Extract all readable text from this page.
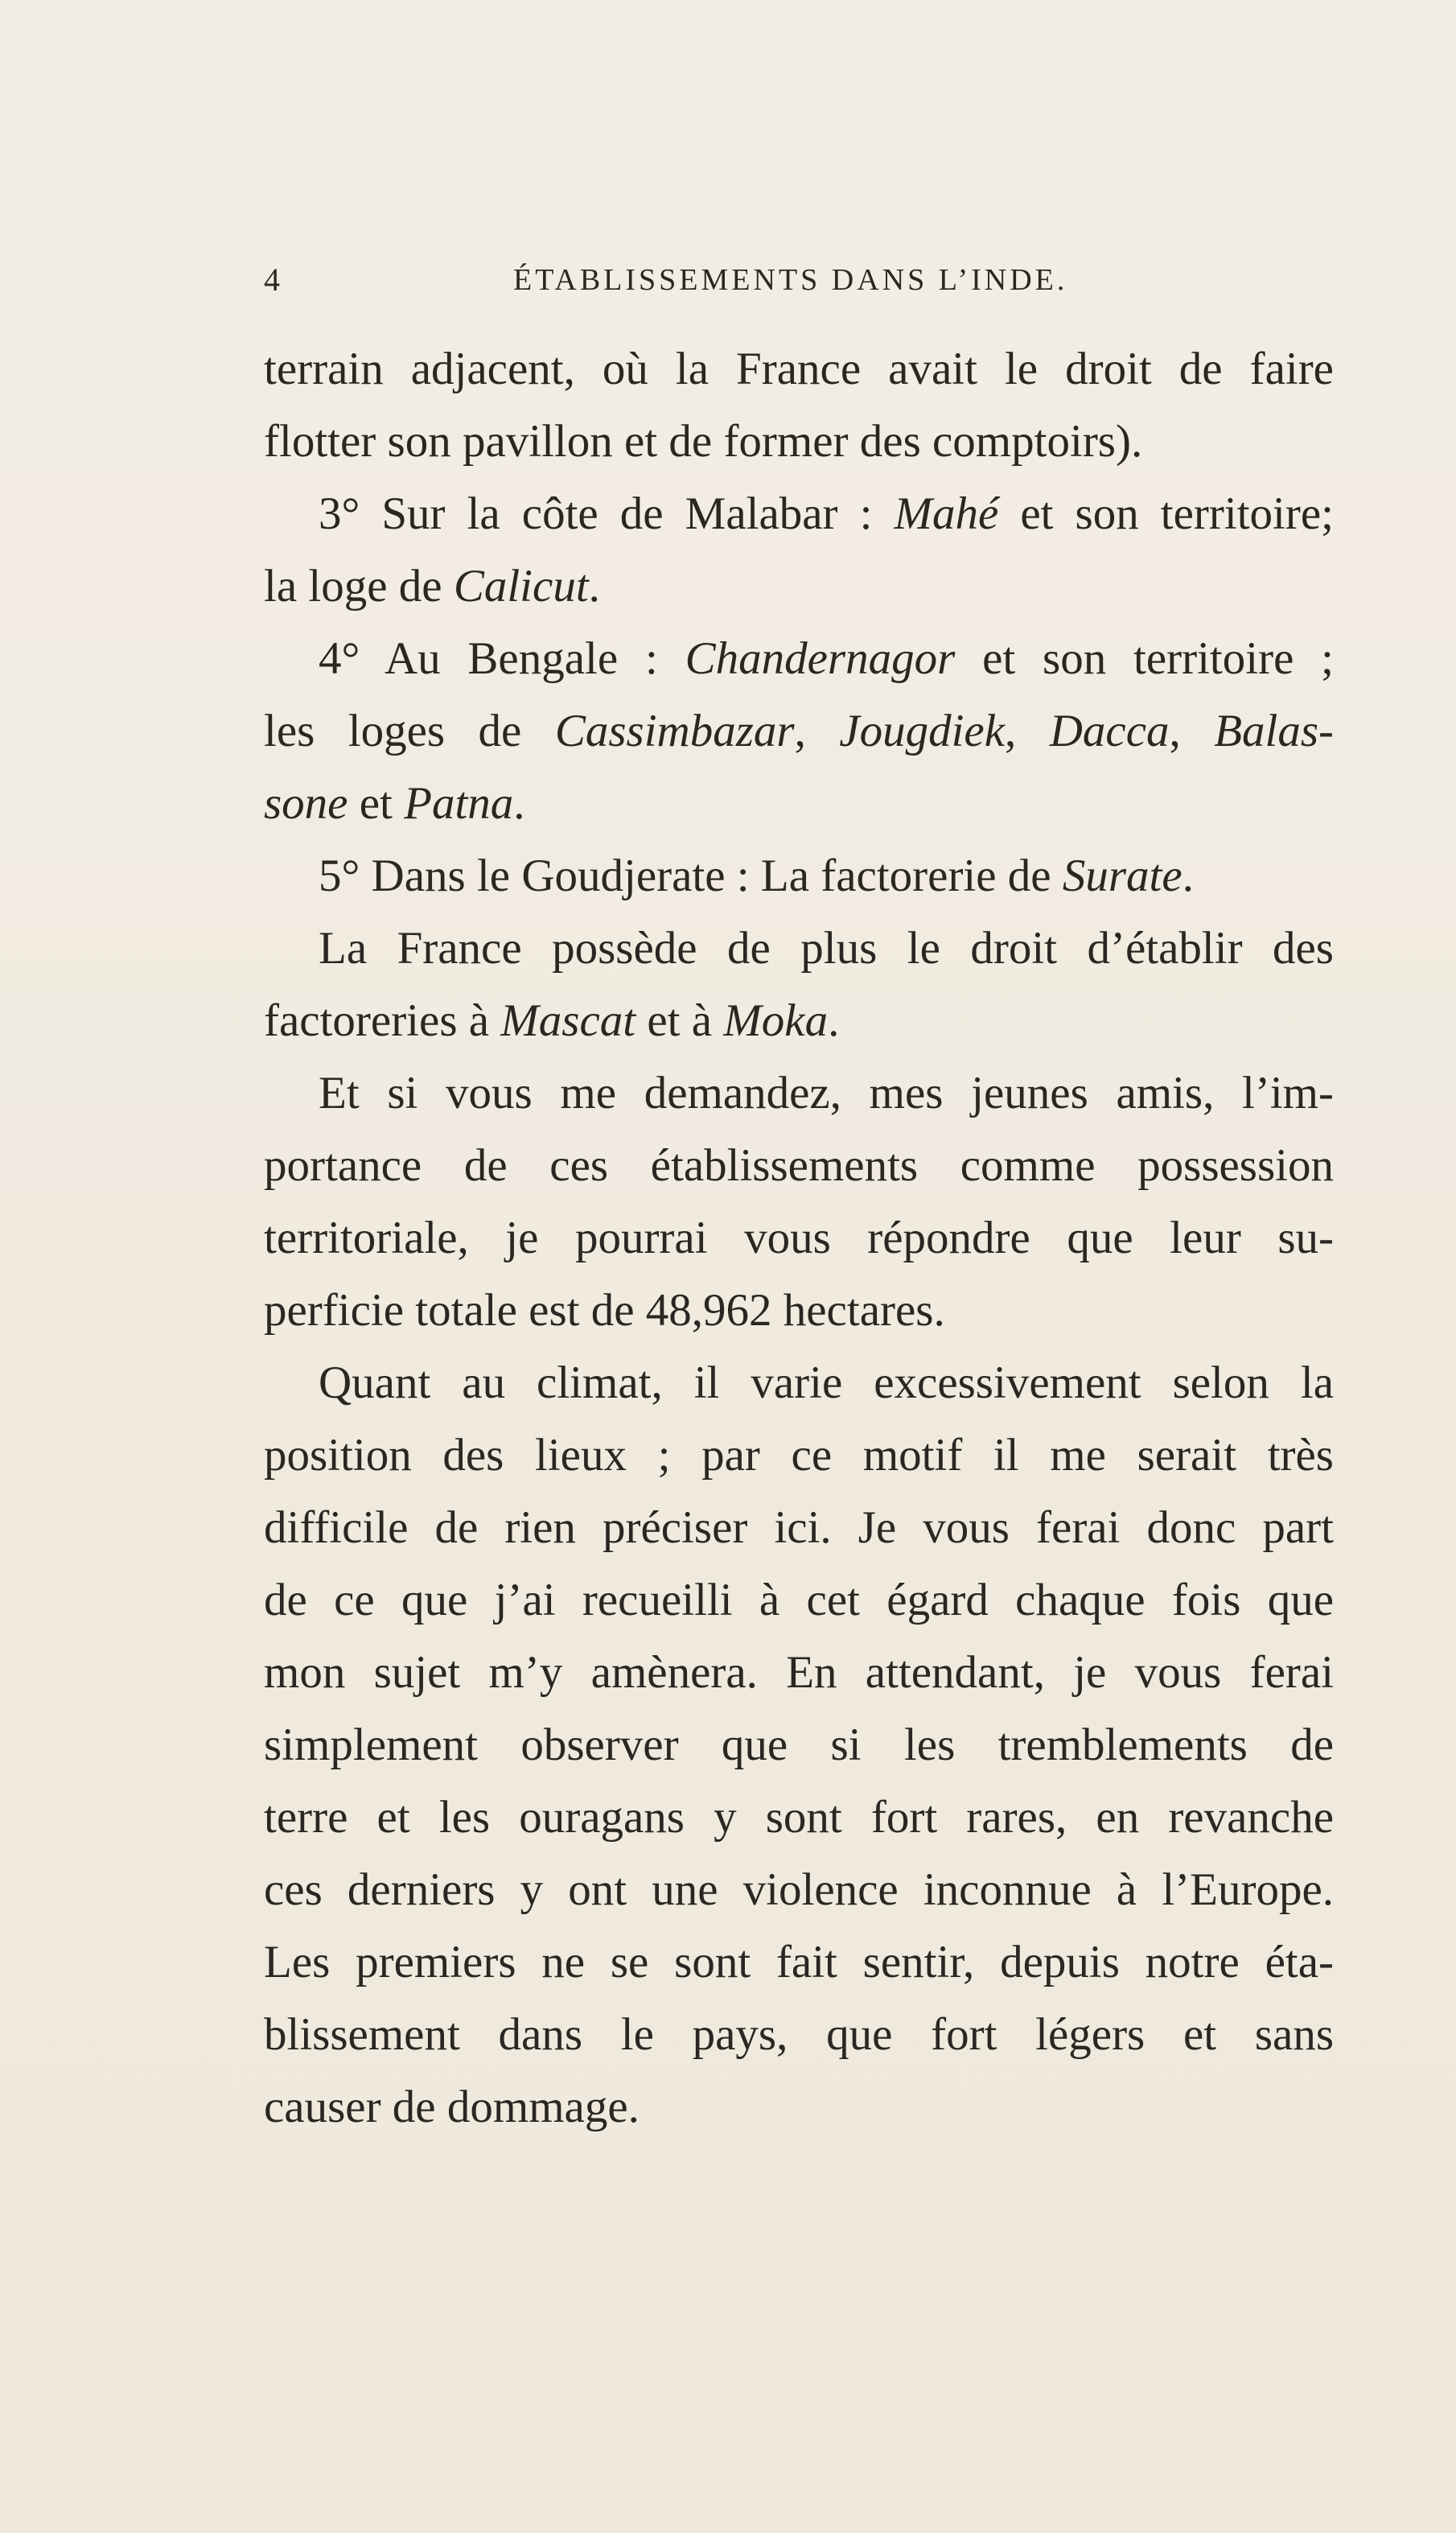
4	ÉTABLISSEMENTS DANS L’INDE.
terrain adjacent, où la France avait le droit de faire
flotter son pavillon et de former des comptoirs).
3° Sur la côte de Malabar : Mahé et son territoire;
la loge de Calicut.
4° Au Bengale : Chandernagor et son territoire ;
les loges de Cassimbazar, Jougdiek, Dacca, Balas-
sone et Patna.
5° Dans le Goudjerate : La factorerie de Surate.
La France possède de plus le droit d’établir des
factoreries à Mascat et à Moka.
Et si vous me demandez, mes jeunes amis, l’im-
portance de ces établissements comme possession
territoriale, je pourrai vous répondre que leur su-
perficie totale est de 48,962 hectares.
Quant au climat, il varie excessivement selon la
position des lieux ; par ce motif il me serait très
difficile de rien préciser ici. Je vous ferai donc part
de ce que j’ai recueilli à cet égard chaque fois que
mon sujet m’y amènera. En attendant, je vous ferai
simplement observer que si les tremblements de
terre et les ouragans y sont fort rares, en revanche
ces derniers y ont une violence inconnue à l’Europe.
Les premiers ne se sont fait sentir, depuis notre éta-
blissement dans le pays, que fort légers et sans
causer de dommage.
